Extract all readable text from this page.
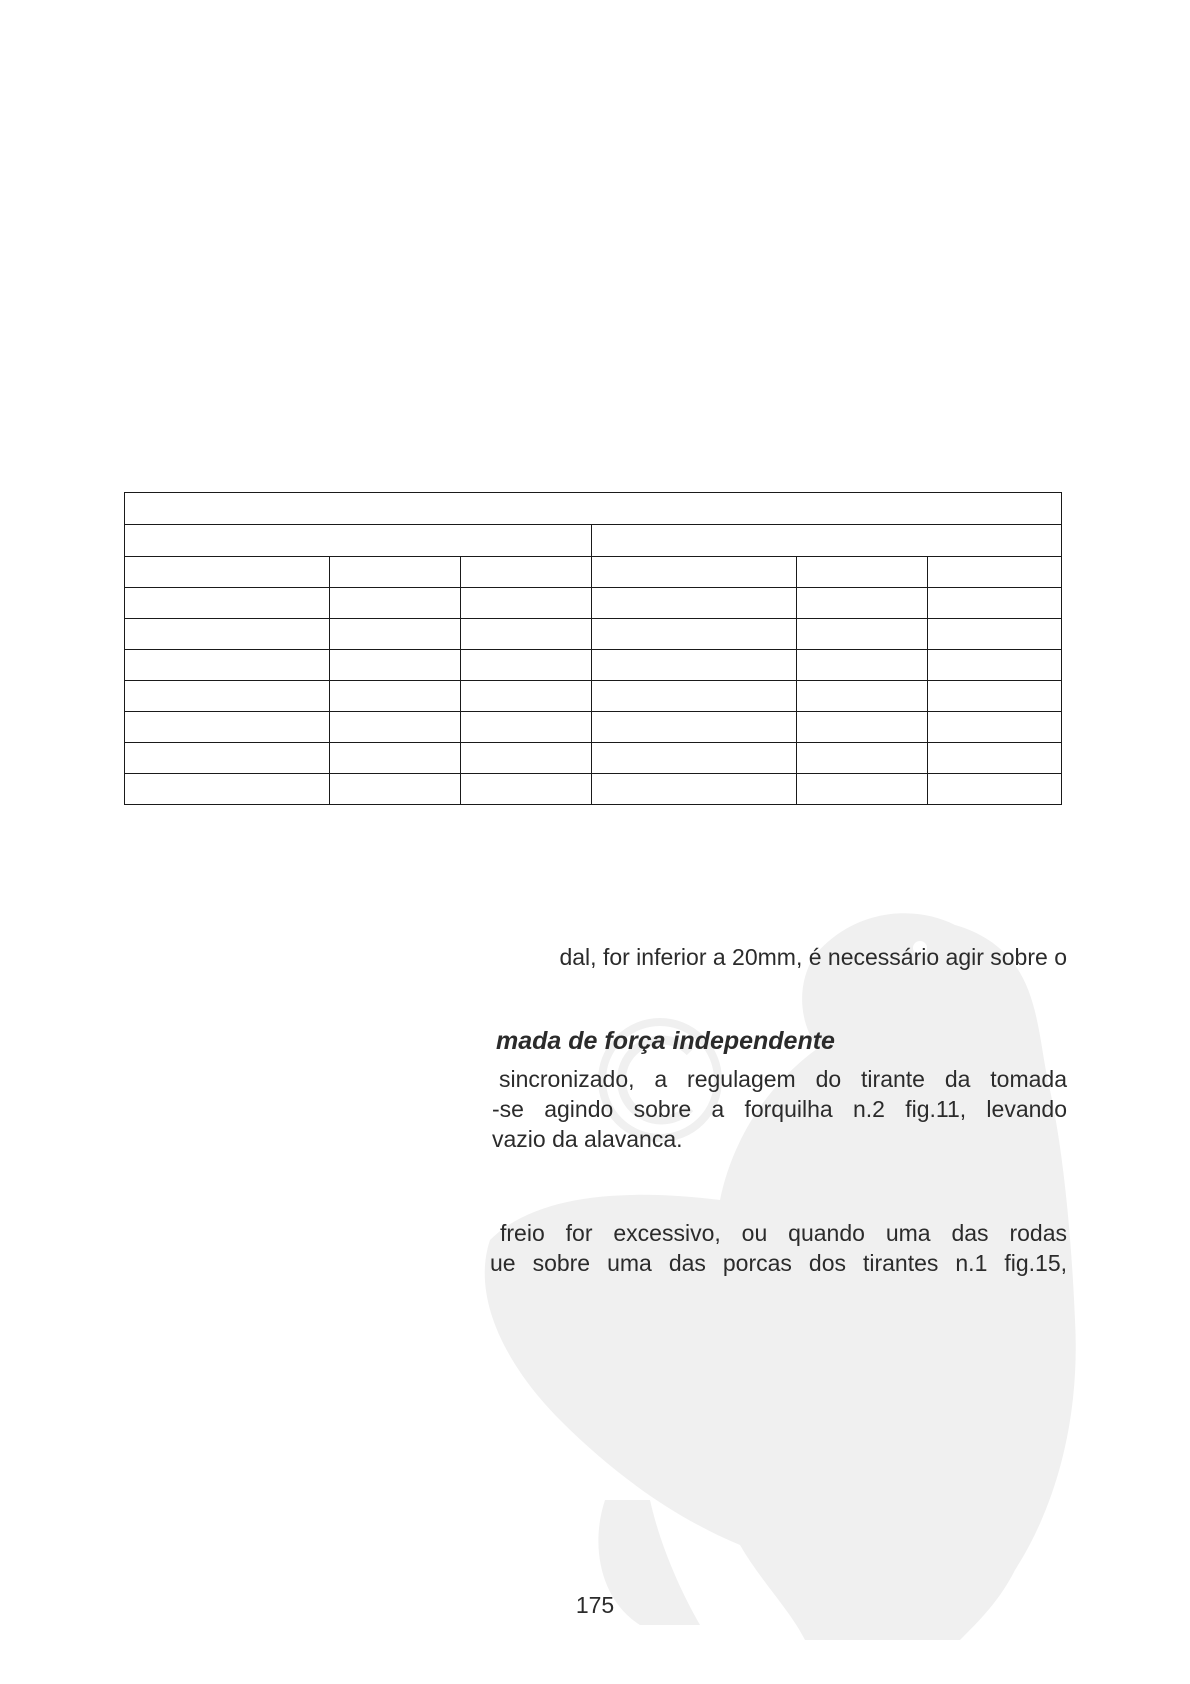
dal, for inferior a 20mm, é necessário agir sobre o
mada de força independente
sincronizado, a regulagem do tirante da tomada
-se agindo sobre a forquilha n.2 fig.11, levando
vazio da alavanca.
freio for excessivo, ou quando uma das rodas
ue sobre uma das porcas dos tirantes n.1 fig.15,
175
